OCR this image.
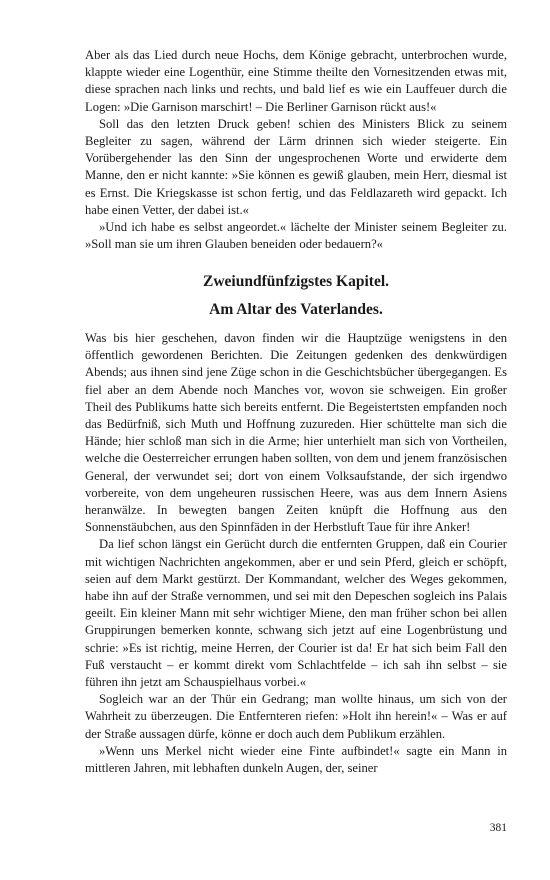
Aber als das Lied durch neue Hochs, dem Könige gebracht, unterbrochen wurde, klappte wieder eine Logenthür, eine Stimme theilte den Vornesitzenden etwas mit, diese sprachen nach links und rechts, und bald lief es wie ein Lauffeuer durch die Logen: »Die Garnison marschirt! – Die Berliner Garnison rückt aus!«

Soll das den letzten Druck geben! schien des Ministers Blick zu seinem Begleiter zu sagen, während der Lärm drinnen sich wieder steigerte. Ein Vorübergehender las den Sinn der ungesprochenen Worte und erwiderte dem Manne, den er nicht kannte: »Sie können es gewiß glauben, mein Herr, diesmal ist es Ernst. Die Kriegskasse ist schon fertig, und das Feldlazareth wird gepackt. Ich habe einen Vetter, der dabei ist.«

»Und ich habe es selbst angeordet.« lächelte der Minister seinem Begleiter zu. »Soll man sie um ihren Glauben beneiden oder bedauern?«

Zweiundfünfzigstes Kapitel.
Am Altar des Vaterlandes.

Was bis hier geschehen, davon finden wir die Hauptzüge wenigstens in den öffentlich gewordenen Berichten. Die Zeitungen gedenken des denkwürdigen Abends; aus ihnen sind jene Züge schon in die Geschichtsbücher übergegangen. Es fiel aber an dem Abende noch Manches vor, wovon sie schweigen. Ein großer Theil des Publikums hatte sich bereits entfernt. Die Begeistertsten empfanden noch das Bedürfniß, sich Muth und Hoffnung zuzureden. Hier schüttelte man sich die Hände; hier schloß man sich in die Arme; hier unterhielt man sich von Vortheilen, welche die Oesterreicher errungen haben sollten, von dem und jenem französischen General, der verwundet sei; dort von einem Volksaufstande, der sich irgendwo vorbereite, von dem ungeheuren russischen Heere, was aus dem Innern Asiens heranwälze. In bewegten bangen Zeiten knüpft die Hoffnung aus den Sonnenstäubchen, aus den Spinnfäden in der Herbstluft Taue für ihre Anker!

Da lief schon längst ein Gerücht durch die entfernten Gruppen, daß ein Courier mit wichtigen Nachrichten angekommen, aber er und sein Pferd, gleich er schöpft, seien auf dem Markt gestürzt. Der Kommandant, welcher des Weges gekommen, habe ihn auf der Straße vernommen, und sei mit den Depeschen sogleich ins Palais geeilt. Ein kleiner Mann mit sehr wichtiger Miene, den man früher schon bei allen Gruppirungen bemerken konnte, schwang sich jetzt auf eine Logenbrüstung und schrie: »Es ist richtig, meine Herren, der Courier ist da! Er hat sich beim Fall den Fuß verstaucht – er kommt direkt vom Schlachtfelde – ich sah ihn selbst – sie führen ihn jetzt am Schauspielhaus vorbei.«

Sogleich war an der Thür ein Gedrang; man wollte hinaus, um sich von der Wahrheit zu überzeugen. Die Entfernteren riefen: »Holt ihn herein!« – Was er auf der Straße aussagen dürfe, könne er doch auch dem Publikum erzählen.

»Wenn uns Merkel nicht wieder eine Finte aufbindet!« sagte ein Mann in mittleren Jahren, mit lebhaften dunkeln Augen, der, seiner

381
